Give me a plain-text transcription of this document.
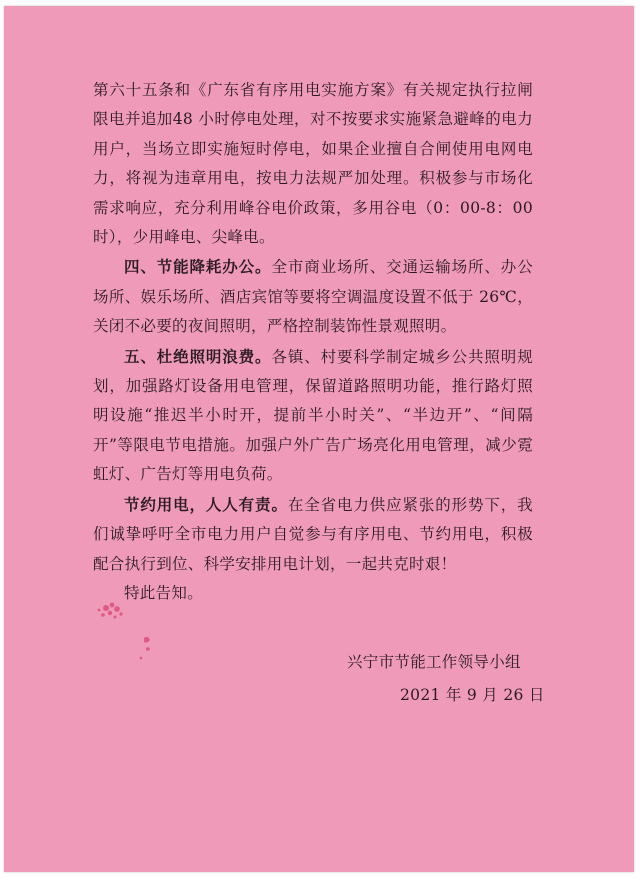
第六十五条和《广东省有序用电实施方案》有关规定执行拉闸限电并追加48 小时停电处理，对不按要求实施紧急避峰的电力用户，当场立即实施短时停电，如果企业擅自合闸使用电网电力，将视为违章用电，按电力法规严加处理。积极参与市场化需求响应，充分利用峰谷电价政策，多用谷电（0：00-8：00 时），少用峰电、尖峰电。

四、节能降耗办公。全市商业场所、交通运输场所、办公场所、娱乐场所、酒店宾馆等要将空调温度设置不低于 26℃，关闭不必要的夜间照明，严格控制装饰性景观照明。

五、杜绝照明浪费。各镇、村要科学制定城乡公共照明规划，加强路灯设备用电管理，保留道路照明功能，推行路灯照明设施“推迟半小时开，提前半小时关”、“半边开”、“间隔开”等限电节电措施。加强户外广告广场亮化用电管理，减少霓虹灯、广告灯等用电负荷。

节约用电，人人有责。在全省电力供应紧张的形势下，我们诚挚呼吁全市电力用户自觉参与有序用电、节约用电，积极配合执行到位、科学安排用电计划，一起共克时艰！

特此告知。

兴宁市节能工作领导小组
2021 年 9 月 26 日
